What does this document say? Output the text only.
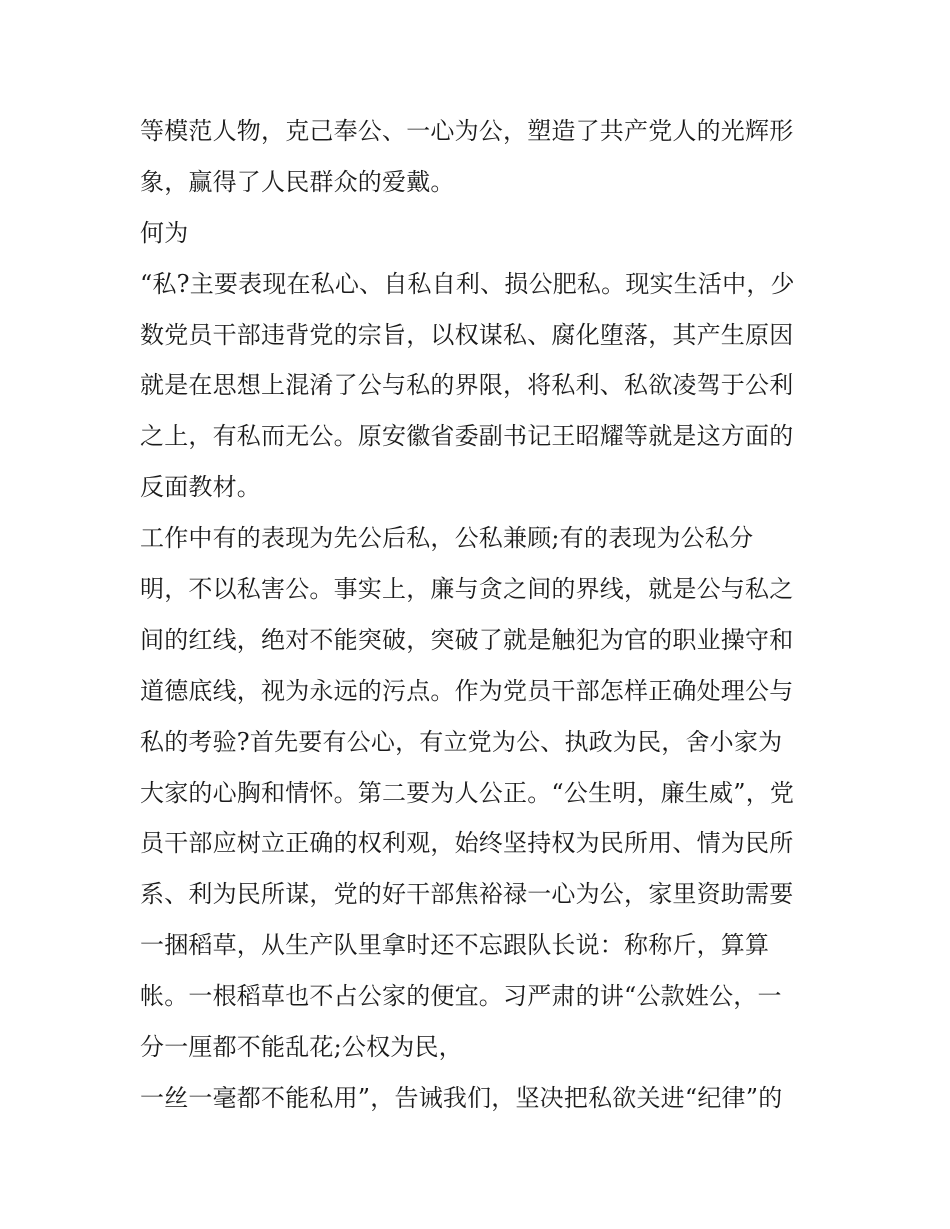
等模范人物，克己奉公、一心为公，塑造了共产党人的光辉形
象，赢得了人民群众的爱戴。
何为
“私?主要表现在私心、自私自利、损公肥私。现实生活中，少
数党员干部违背党的宗旨，以权谋私、腐化堕落，其产生原因
就是在思想上混淆了公与私的界限，将私利、私欲凌驾于公利
之上，有私而无公。原安徽省委副书记王昭耀等就是这方面的
反面教材。
工作中有的表现为先公后私，公私兼顾;有的表现为公私分
明，不以私害公。事实上，廉与贪之间的界线，就是公与私之
间的红线，绝对不能突破，突破了就是触犯为官的职业操守和
道德底线，视为永远的污点。作为党员干部怎样正确处理公与
私的考验?首先要有公心，有立党为公、执政为民，舍小家为
大家的心胸和情怀。第二要为人公正。“公生明，廉生威”，党
员干部应树立正确的权利观，始终坚持权为民所用、情为民所
系、利为民所谋，党的好干部焦裕禄一心为公，家里资助需要
一捆稻草，从生产队里拿时还不忘跟队长说：称称斤，算算
帐。一根稻草也不占公家的便宜。习严肃的讲“公款姓公，一
分一厘都不能乱花;公权为民，
一丝一毫都不能私用”，告诫我们，坚决把私欲关进“纪律”的
